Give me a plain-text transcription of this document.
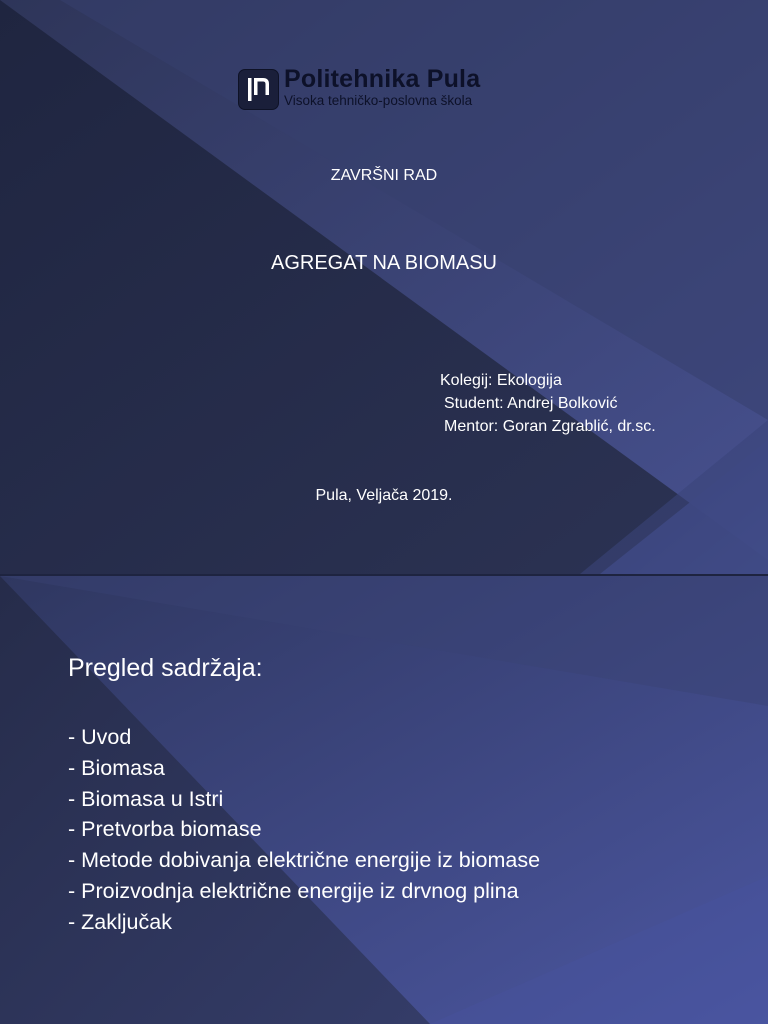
Politehnika Pula
Visoka tehničko-poslovna škola
ZAVRŠNI RAD
AGREGAT NA BIOMASU
Kolegij: Ekologija
Student: Andrej Bolković
Mentor: Goran Zgrablić, dr.sc.
Pula, Veljača 2019.
Pregled sadržaja:
- Uvod
- Biomasa
- Biomasa u Istri
- Pretvorba biomase
- Metode dobivanja električne energije iz biomase
- Proizvodnja električne energije iz drvnog plina
- Zaključak
